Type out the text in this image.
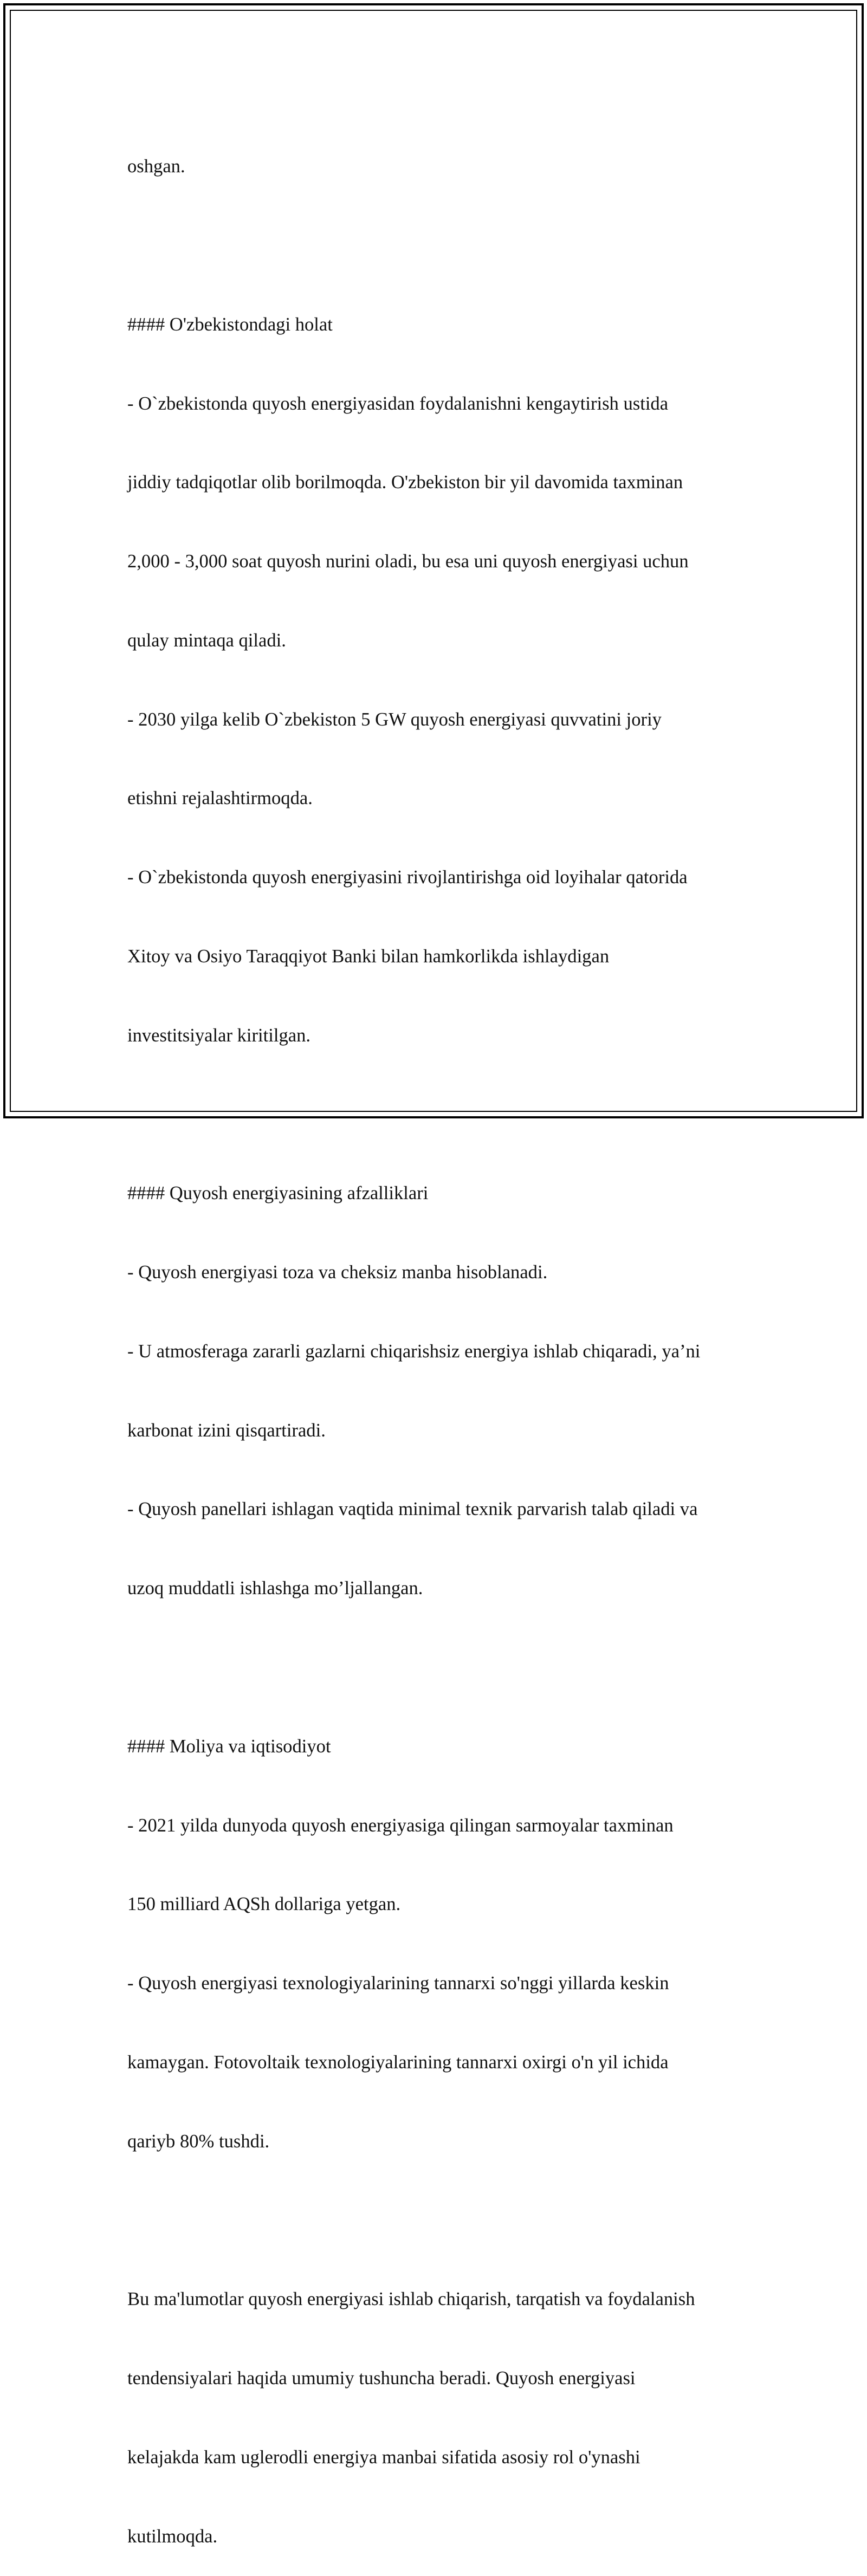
oshgan.

#### O'zbekistondagi holat

- O`zbekistonda quyosh energiyasidan foydalanishni kengaytirish ustida

jiddiy tadqiqotlar olib borilmoqda. O'zbekiston bir yil davomida taxminan

2,000 - 3,000 soat quyosh nurini oladi, bu esa uni quyosh energiyasi uchun

qulay mintaqa qiladi.

- 2030 yilga kelib O`zbekiston 5 GW quyosh energiyasi quvvatini joriy

etishni rejalashtirmoqda.

- O`zbekistonda quyosh energiyasini rivojlantirishga oid loyihalar qatorida

Xitoy va Osiyo Taraqqiyot Banki bilan hamkorlikda ishlaydigan

investitsiyalar kiritilgan.

#### Quyosh energiyasining afzalliklari

- Quyosh energiyasi toza va cheksiz manba hisoblanadi.

- U atmosferaga zararli gazlarni chiqarishsiz energiya ishlab chiqaradi, ya’ni

karbonat izini qisqartiradi.

- Quyosh panellari ishlagan vaqtida minimal texnik parvarish talab qiladi va

uzoq muddatli ishlashga mo’ljallangan.

#### Moliya va iqtisodiyot

- 2021 yilda dunyoda quyosh energiyasiga qilingan sarmoyalar taxminan

150 milliard AQSh dollariga yetgan.

- Quyosh energiyasi texnologiyalarining tannarxi so'nggi yillarda keskin

kamaygan. Fotovoltaik texnologiyalarining tannarxi oxirgi o'n yil ichida

qariyb 80% tushdi.

Bu ma'lumotlar quyosh energiyasi ishlab chiqarish, tarqatish va foydalanish

tendensiyalari haqida umumiy tushuncha beradi. Quyosh energiyasi

kelajakda kam uglerodli energiya manbai sifatida asosiy rol o'ynashi

kutilmoqda.
